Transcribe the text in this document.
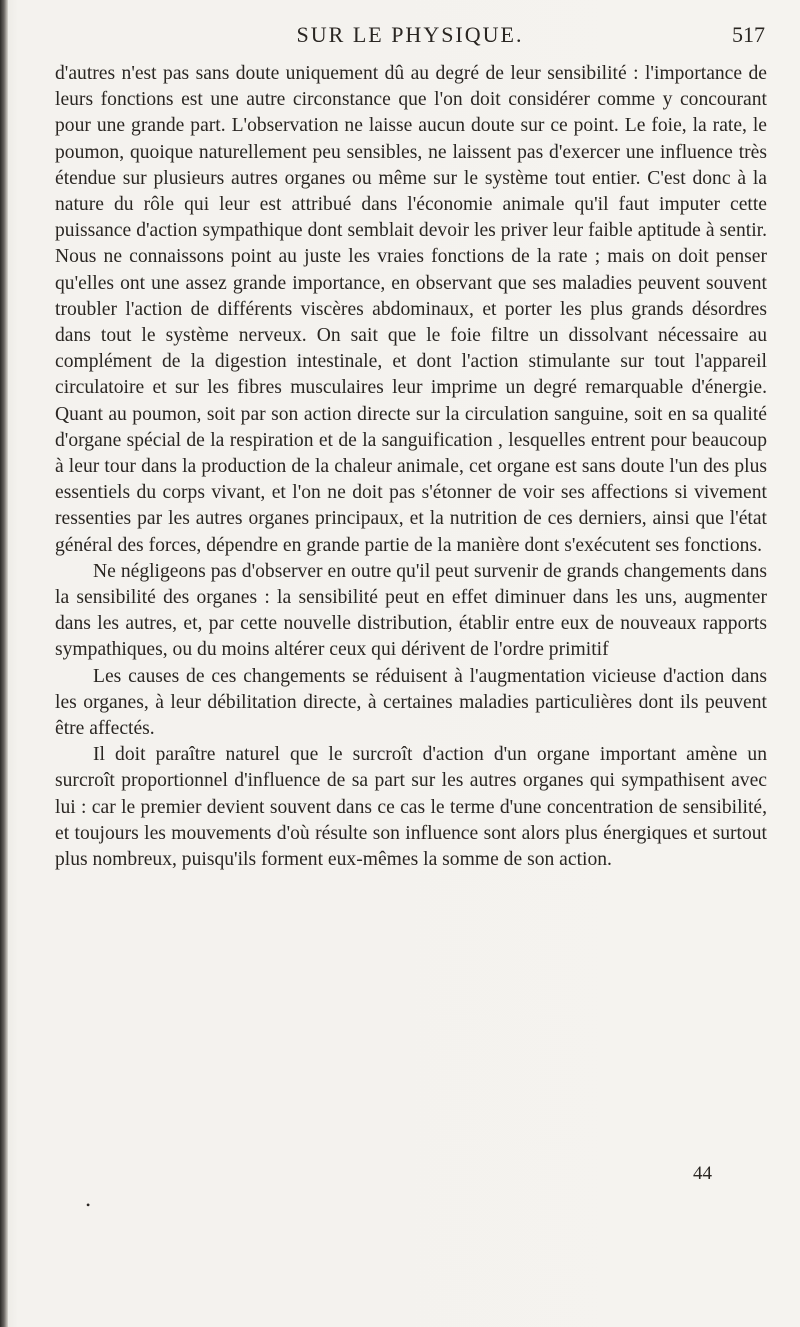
SUR LE PHYSIQUE.	517

d'autres n'est pas sans doute uniquement dû au degré de leur sensibilité : l'importance de leurs fonctions est une autre circonstance que l'on doit considérer comme y concourant pour une grande part. L'observation ne laisse aucun doute sur ce point. Le foie, la rate, le poumon, quoique naturellement peu sensibles, ne laissent pas d'exercer une influence très étendue sur plusieurs autres organes ou même sur le système tout entier. C'est donc à la nature du rôle qui leur est attribué dans l'économie animale qu'il faut imputer cette puissance d'action sympathique dont semblait devoir les priver leur faible aptitude à sentir. Nous ne connaissons point au juste les vraies fonctions de la rate ; mais on doit penser qu'elles ont une assez grande importance, en observant que ses maladies peuvent souvent troubler l'action de différents viscères abdominaux, et porter les plus grands désordres dans tout le système nerveux. On sait que le foie filtre un dissolvant nécessaire au complément de la digestion intestinale, et dont l'action stimulante sur tout l'appareil circulatoire et sur les fibres musculaires leur imprime un degré remarquable d'énergie. Quant au poumon, soit par son action directe sur la circulation sanguine, soit en sa qualité d'organe spécial de la respiration et de la sanguification , lesquelles entrent pour beaucoup à leur tour dans la production de la chaleur animale, cet organe est sans doute l'un des plus essentiels du corps vivant, et l'on ne doit pas s'étonner de voir ses affections si vivement ressenties par les autres organes principaux, et la nutrition de ces derniers, ainsi que l'état général des forces, dépendre en grande partie de la manière dont s'exécutent ses fonctions.

Ne négligeons pas d'observer en outre qu'il peut survenir de grands changements dans la sensibilité des organes : la sensibilité peut en effet diminuer dans les uns, augmenter dans les autres, et, par cette nouvelle distribution, établir entre eux de nouveaux rapports sympathiques, ou du moins altérer ceux qui dérivent de l'ordre primitif

Les causes de ces changements se réduisent à l'augmentation vicieuse d'action dans les organes, à leur débilitation directe, à certaines maladies particulières dont ils peuvent être affectés.

Il doit paraître naturel que le surcroît d'action d'un organe important amène un surcroît proportionnel d'influence de sa part sur les autres organes qui sympathisent avec lui : car le premier devient souvent dans ce cas le terme d'une concentration de sensibilité, et toujours les mouvements d'où résulte son influence sont alors plus énergiques et surtout plus nombreux, puisqu'ils forment eux-mêmes la somme de son action.

44
•
